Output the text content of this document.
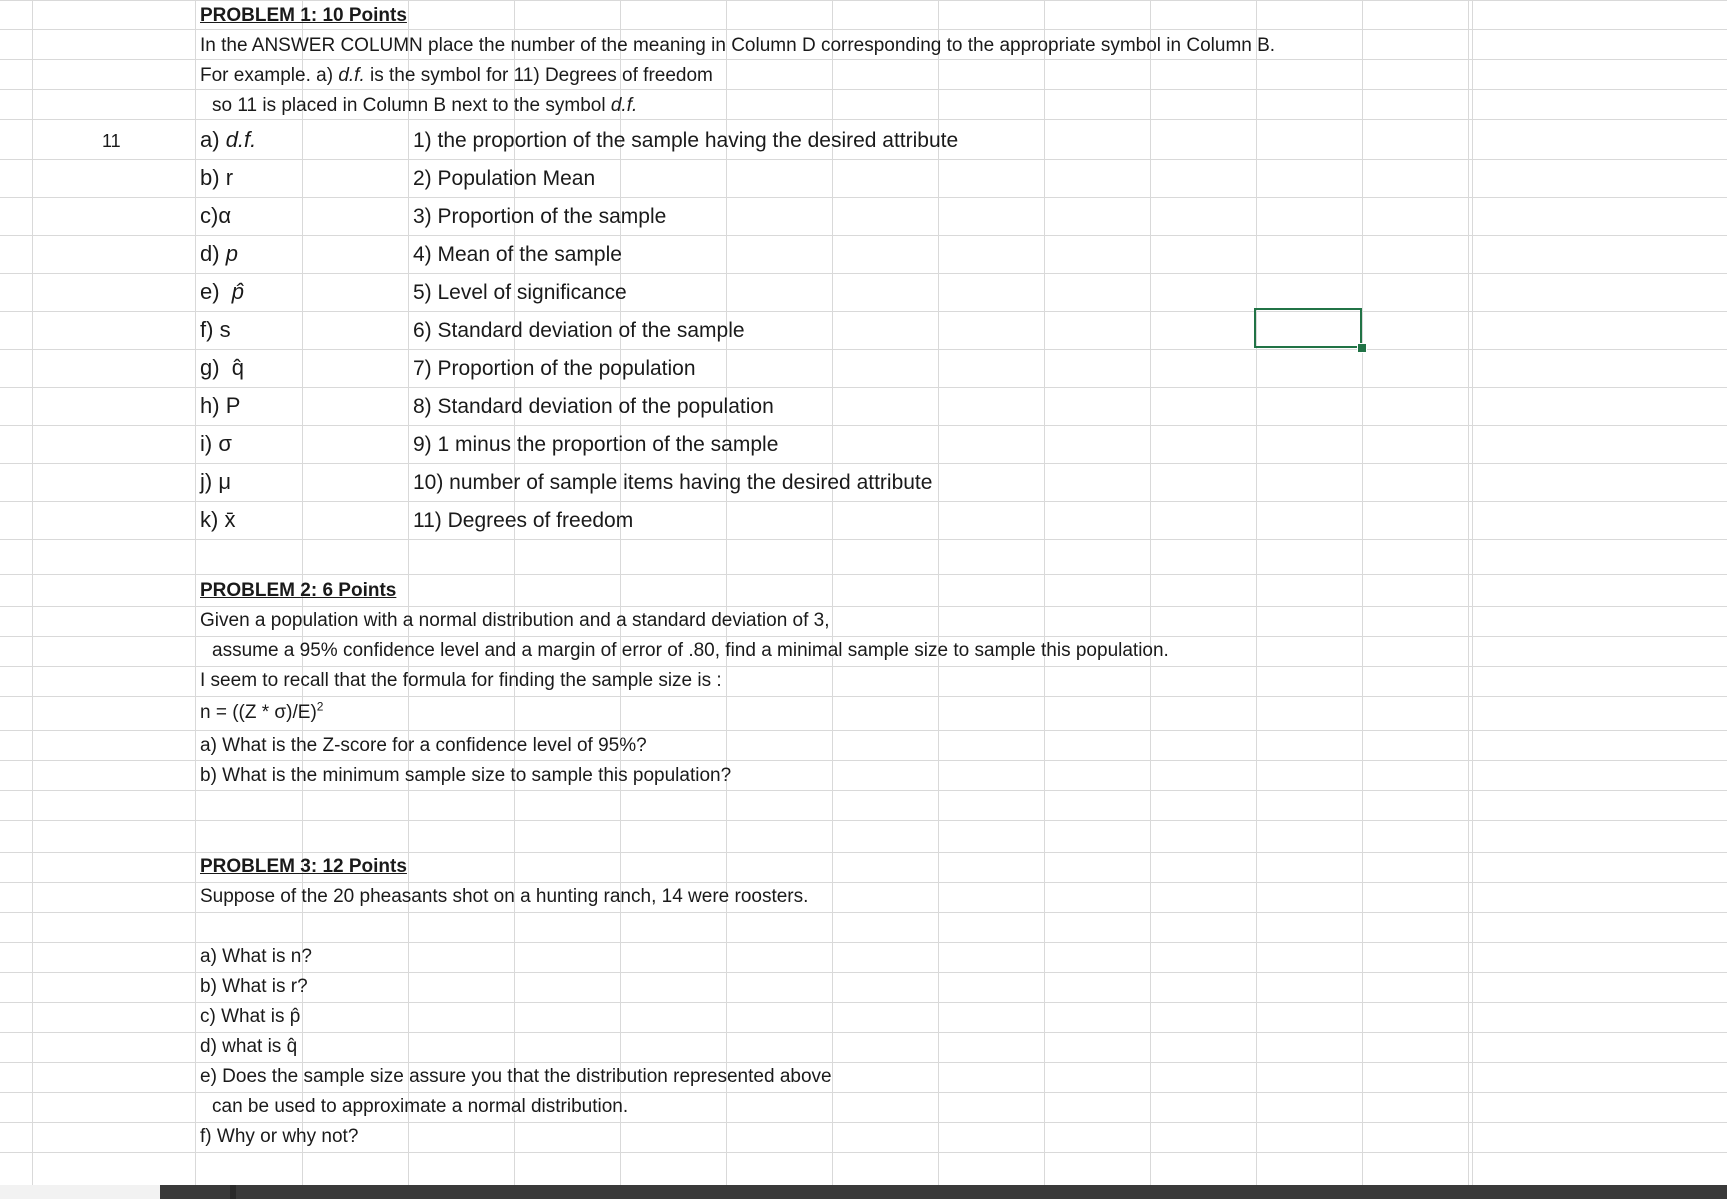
11
PROBLEM 1: 10 Points
In the ANSWER COLUMN place the number of the meaning in Column D corresponding to the appropriate symbol in Column B.
For example. a) d.f. is the symbol for 11) Degrees of freedom
so 11 is placed in Column B next to the symbol d.f.
a) d.f.
b) r
c)α
d) p
e)  p̂
f) s
g)  q̂
h) P
i) σ
j) μ
k) x̄
1) the proportion of the sample having the desired attribute
2) Population Mean
3) Proportion of the sample
4) Mean of the sample
5) Level of significance
6) Standard deviation of the sample
7) Proportion of the population
8) Standard deviation of the population
9) 1 minus the proportion of the sample
10) number of sample items having the desired attribute
11) Degrees of freedom
PROBLEM 2: 6 Points
Given a population with a normal distribution and a standard deviation of 3,
assume a 95% confidence level and a margin of error of .80, find a minimal sample size to sample this population.
I seem to recall that the formula for finding the sample size is :
n = ((Z * σ)/E)$^2$
a) What is the Z-score for a confidence level of 95%?
b) What is the minimum sample size to sample this population?
PROBLEM 3: 12 Points
Suppose of the 20 pheasants shot on a hunting ranch, 14 were roosters.
a) What is n?
b) What is r?
c) What is p̂
d) what is q̂
e) Does the sample size assure you that the distribution represented above
can be used to approximate a normal distribution.
f) Why or why not?
